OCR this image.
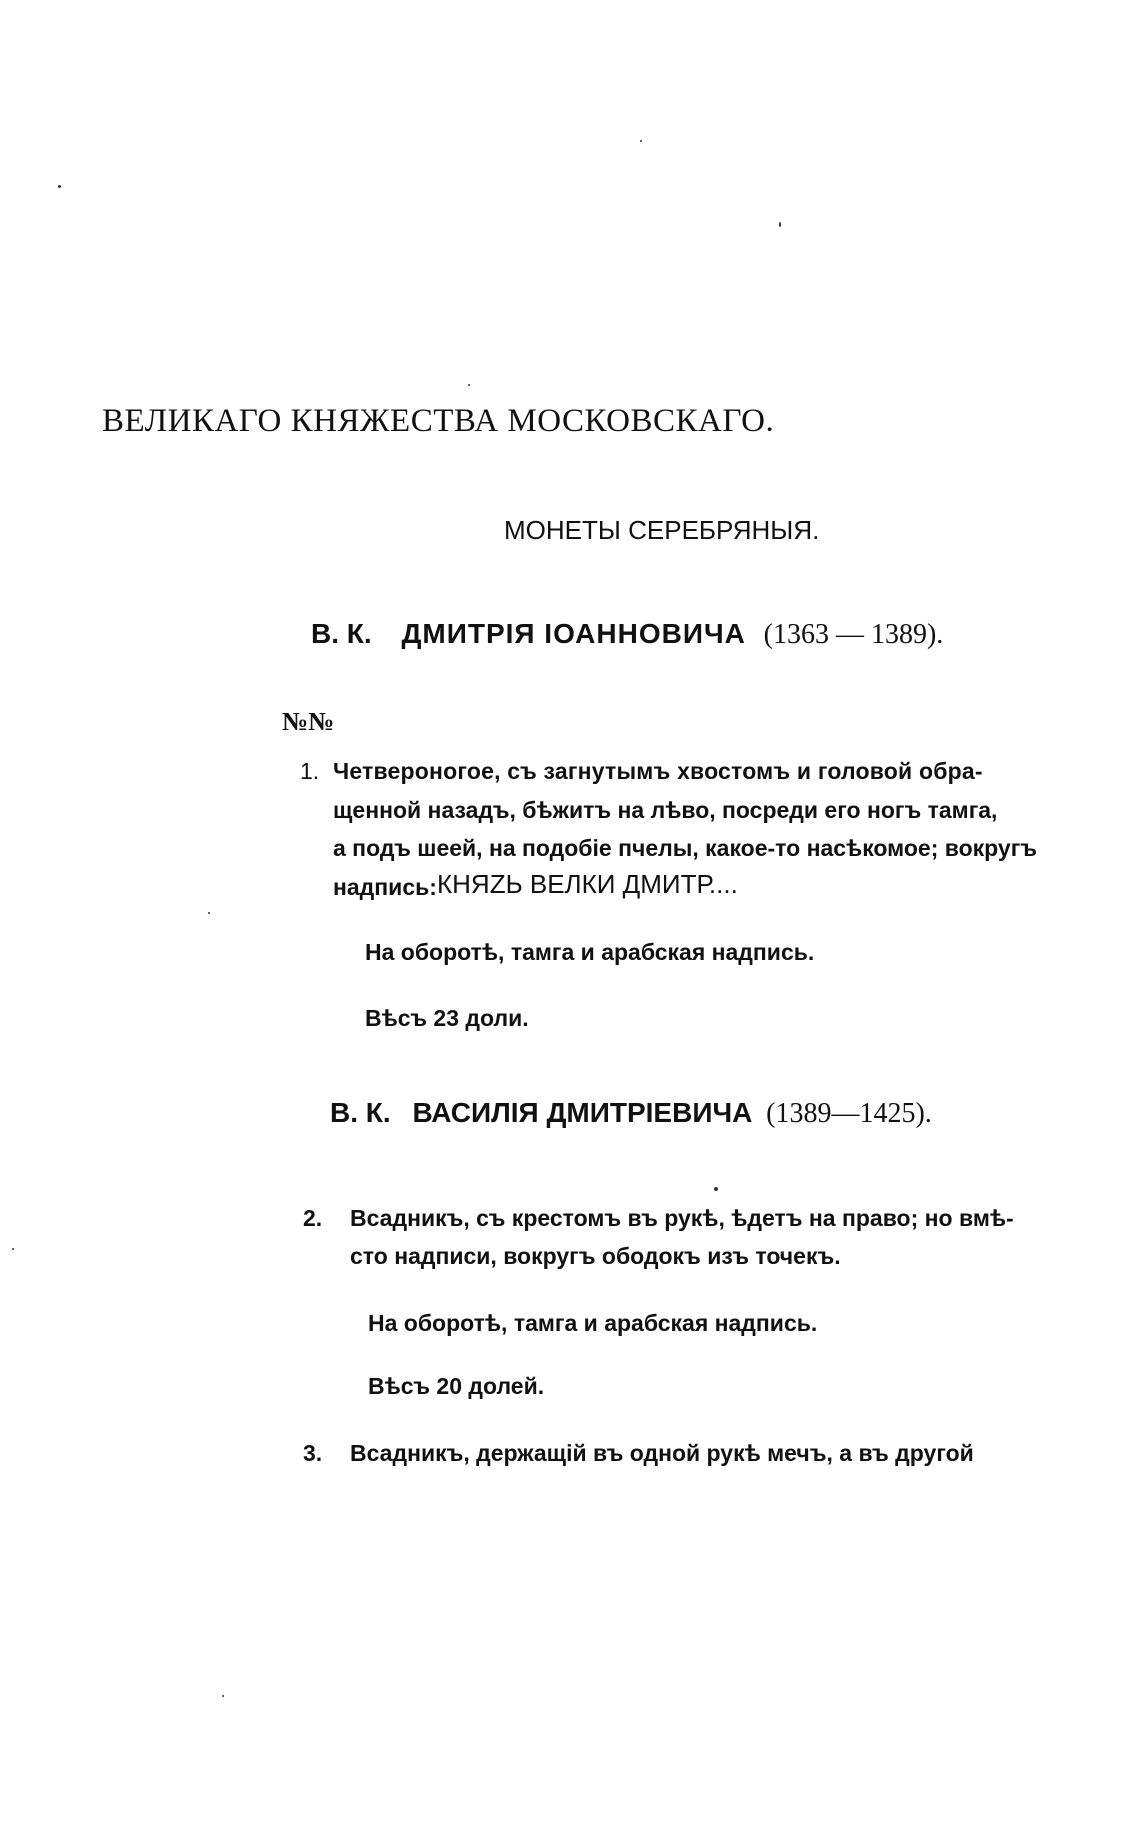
ВЕЛИКАГО КНЯЖЕСТВА МОСКОВСКАГО.
МОНЕТЫ СЕРЕБРЯНЫЯ.
В. К. ДМИТРІЯ ІОАННОВИЧА (1363 — 1389).
№№
1. Четвероногое, съ загнутымъ хвостомъ и головой обра-
щенной назадъ, бѣжитъ на лѣво, посреди его ногъ тамга,
а подъ шеей, на подобіе пчелы, какое-то насѣкомое; вокругъ
надпись: КНЯZЬ ВЕЛКИ ДМИТР....
На оборотѣ, тамга и арабская надпись.
Вѣсъ 23 доли.
В. К. ВАСИЛІЯ ДМИТРІЕВИЧА (1389—1425).
2. Всадникъ, съ крестомъ въ рукѣ, ѣдетъ на право; но вмѣ-
сто надписи, вокругъ ободокъ изъ точекъ.
На оборотѣ, тамга и арабская надпись.
Вѣсъ 20 долей.
3. Всадникъ, держащій въ одной рукѣ мечъ, а въ другой
